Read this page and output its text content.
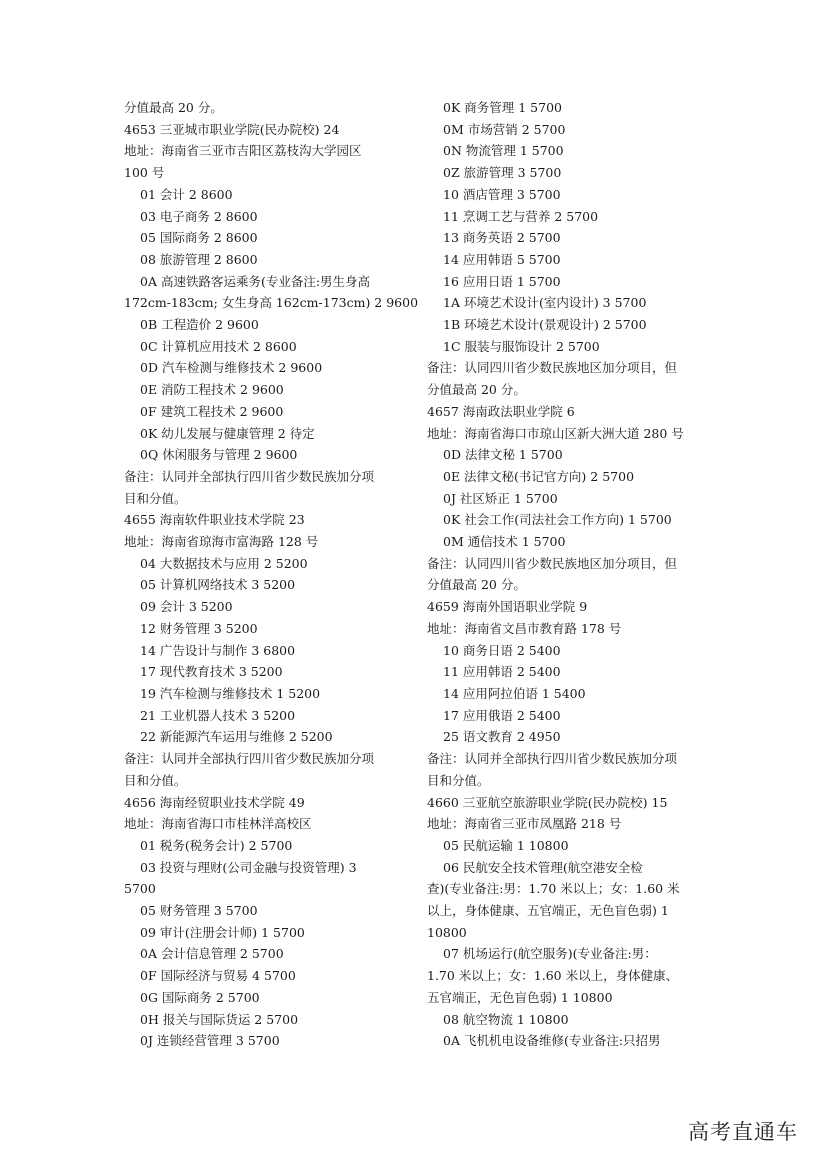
分值最高 20 分。
4653 三亚城市职业学院(民办院校) 24
地址：海南省三亚市吉阳区荔枝沟大学园区
100 号
01 会计 2 8600
03 电子商务 2 8600
05 国际商务 2 8600
08 旅游管理 2 8600
0A 高速铁路客运乘务(专业备注:男生身高
172cm-183cm; 女生身高 162cm-173cm) 2 9600
0B 工程造价 2 9600
0C 计算机应用技术 2 8600
0D 汽车检测与维修技术 2 9600
0E 消防工程技术 2 9600
0F 建筑工程技术 2 9600
0K 幼儿发展与健康管理 2 待定
0Q 休闲服务与管理 2 9600
备注：认同并全部执行四川省少数民族加分项
目和分值。
4655 海南软件职业技术学院 23
地址：海南省琼海市富海路 128 号
04 大数据技术与应用 2 5200
05 计算机网络技术 3 5200
09 会计 3 5200
12 财务管理 3 5200
14 广告设计与制作 3 6800
17 现代教育技术 3 5200
19 汽车检测与维修技术 1 5200
21 工业机器人技术 3 5200
22 新能源汽车运用与维修 2 5200
备注：认同并全部执行四川省少数民族加分项
目和分值。
4656 海南经贸职业技术学院 49
地址：海南省海口市桂林洋高校区
01 税务(税务会计) 2 5700
03 投资与理财(公司金融与投资管理) 3
5700
05 财务管理 3 5700
09 审计(注册会计师) 1 5700
0A 会计信息管理 2 5700
0F 国际经济与贸易 4 5700
0G 国际商务 2 5700
0H 报关与国际货运 2 5700
0J 连锁经营管理 3 5700
0K 商务管理 1 5700
0M 市场营销 2 5700
0N 物流管理 1 5700
0Z 旅游管理 3 5700
10 酒店管理 3 5700
11 烹调工艺与营养 2 5700
13 商务英语 2 5700
14 应用韩语 5 5700
16 应用日语 1 5700
1A 环境艺术设计(室内设计) 3 5700
1B 环境艺术设计(景观设计) 2 5700
1C 服装与服饰设计 2 5700
备注：认同四川省少数民族地区加分项目，但
分值最高 20 分。
4657 海南政法职业学院 6
地址：海南省海口市琼山区新大洲大道 280 号
0D 法律文秘 1 5700
0E 法律文秘(书记官方向) 2 5700
0J 社区矫正 1 5700
0K 社会工作(司法社会工作方向) 1 5700
0M 通信技术 1 5700
备注：认同四川省少数民族地区加分项目，但
分值最高 20 分。
4659 海南外国语职业学院 9
地址：海南省文昌市教育路 178 号
10 商务日语 2 5400
11 应用韩语 2 5400
14 应用阿拉伯语 1 5400
17 应用俄语 2 5400
25 语文教育 2 4950
备注：认同并全部执行四川省少数民族加分项
目和分值。
4660 三亚航空旅游职业学院(民办院校) 15
地址：海南省三亚市凤凰路 218 号
05 民航运输 1 10800
06 民航安全技术管理(航空港安全检
查)(专业备注:男：1.70 米以上；女：1.60 米
以上，身体健康、五官端正，无色盲色弱) 1
10800
07 机场运行(航空服务)(专业备注:男：
1.70 米以上；女：1.60 米以上，身体健康、
五官端正，无色盲色弱) 1 10800
08 航空物流 1 10800
0A 飞机机电设备维修(专业备注:只招男
高考直通车
